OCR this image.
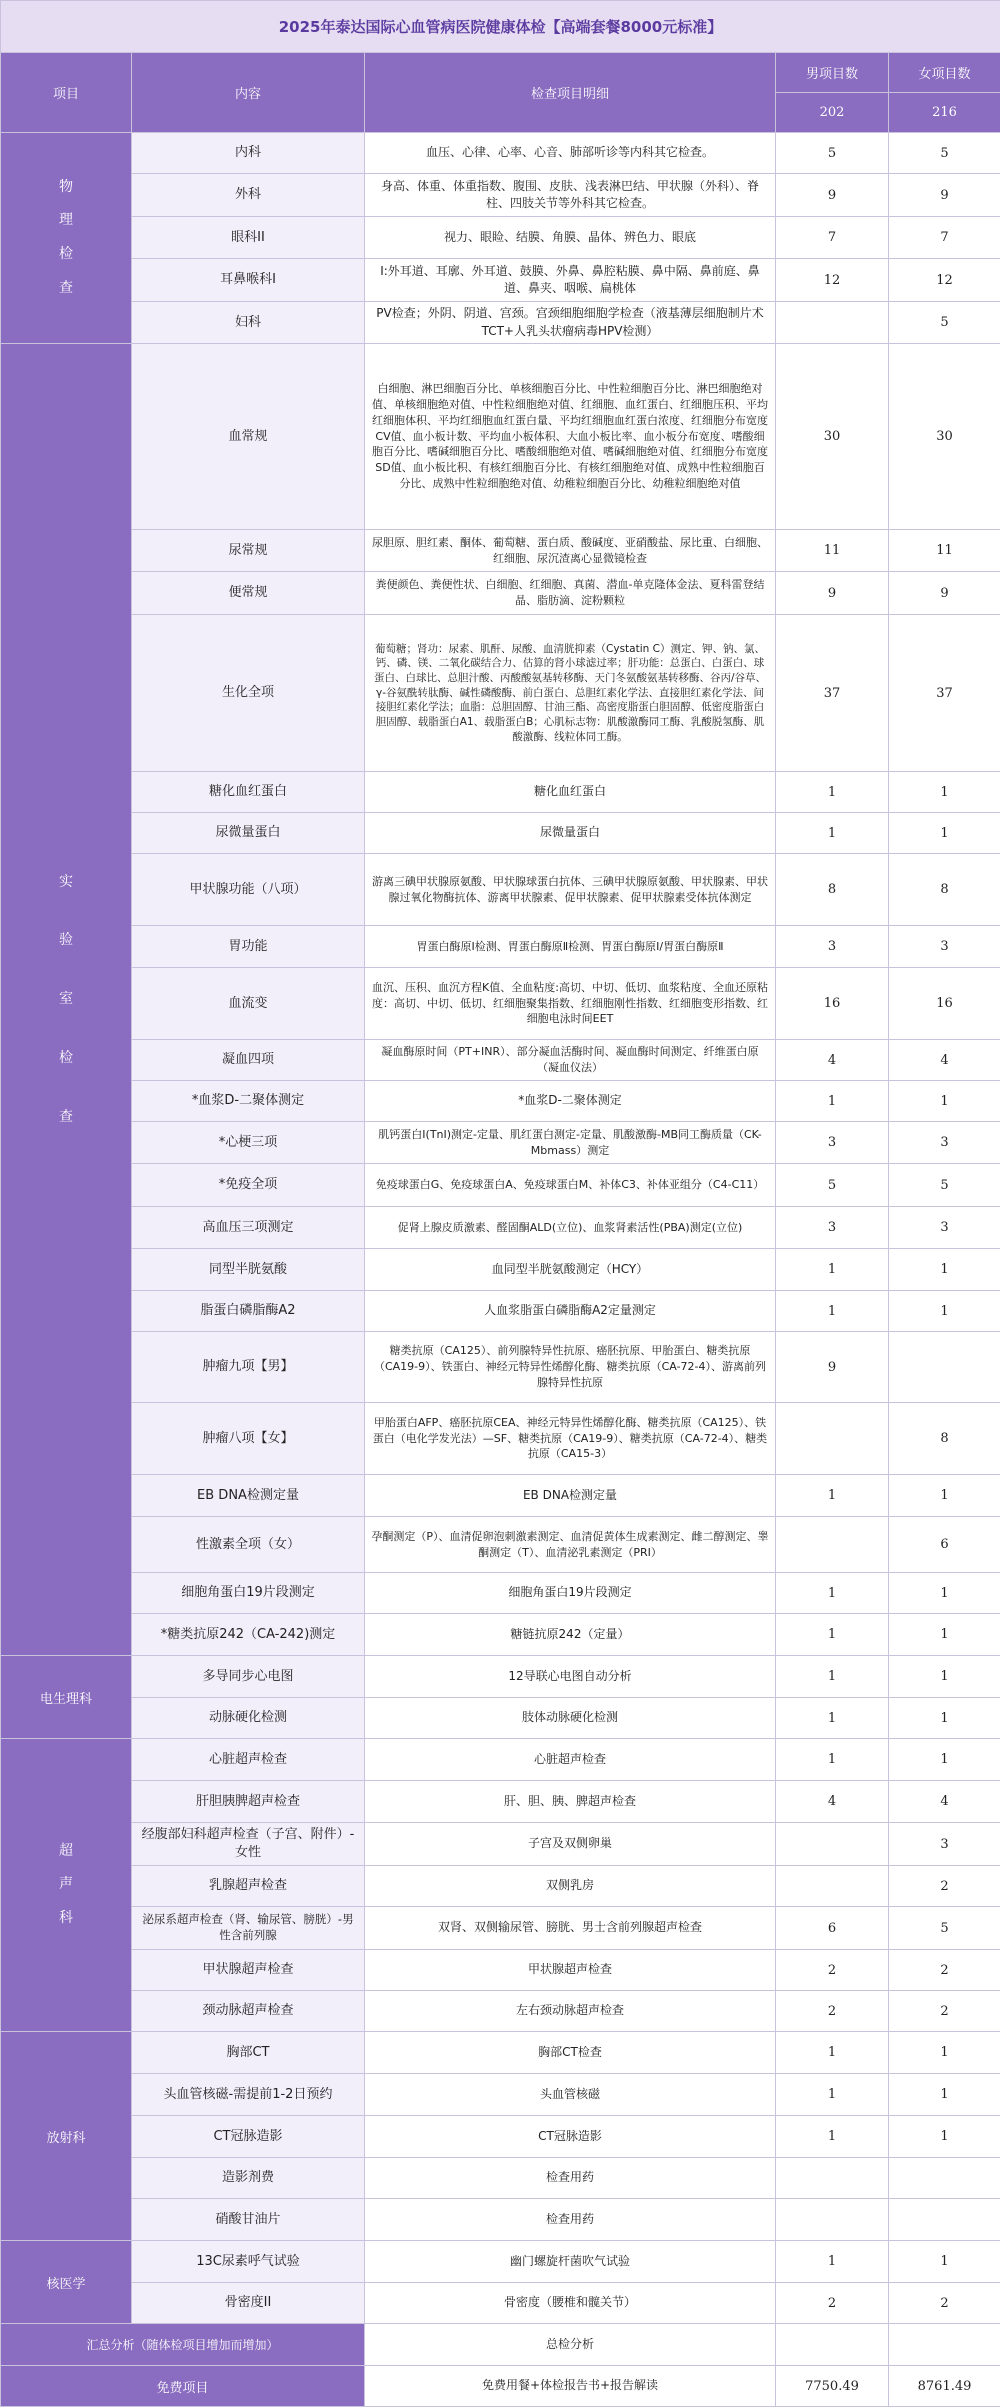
2025年泰达国际心血管病医院健康体检【高端套餐8000元标准】				
项目	内容	检查项目明细	男项目数	女项目数
			202	216
物理检查	内科	血压、心律、心率、心音、肺部听诊等内科其它检查。	5	5
	外科	身高、体重、体重指数、腹围、皮肤、浅表淋巴结、甲状腺（外科）、脊柱、四肢关节等外科其它检查。	9	9
	眼科II	视力、眼睑、结膜、角膜、晶体、辨色力、眼底	7	7
	耳鼻喉科I	I:外耳道、耳廓、外耳道、鼓膜、外鼻、鼻腔粘膜、鼻中隔、鼻前庭、鼻道、鼻夹、咽喉、扁桃体	12	12
	妇科	PV检查；外阴、阴道、宫颈。宫颈细胞细胞学检查（液基薄层细胞制片术TCT+人乳头状瘤病毒HPV检测）		5
实验室检查	血常规	白细胞、淋巴细胞百分比、单核细胞百分比、中性粒细胞百分比、淋巴细胞绝对值、单核细胞绝对值、中性粒细胞绝对值、红细胞、血红蛋白、红细胞压积、平均红细胞体积、平均红细胞血红蛋白量、平均红细胞血红蛋白浓度、红细胞分布宽度CV值、血小板计数、平均血小板体积、大血小板比率、血小板分布宽度、嗜酸细胞百分比、嗜碱细胞百分比、嗜酸细胞绝对值、嗜碱细胞绝对值、红细胞分布宽度SD值、血小板比积、有核红细胞百分比、有核红细胞绝对值、成熟中性粒细胞百分比、成熟中性粒细胞绝对值、幼稚粒细胞百分比、幼稚粒细胞绝对值	30	30
	尿常规	尿胆原、胆红素、酮体、葡萄糖、蛋白质、酸碱度、亚硝酸盐、尿比重、白细胞、红细胞、尿沉渣离心显微镜检查	11	11
	便常规	粪便颜色、粪便性状、白细胞、红细胞、真菌、潜血-单克隆体金法、夏科雷登结晶、脂肪滴、淀粉颗粒	9	9
	生化全项	葡萄糖；肾功：尿素、肌酐、尿酸、血清胱抑素（Cystatin C）测定、钾、钠、氯、钙、磷、镁、二氧化碳结合力、估算的肾小球滤过率；肝功能：总蛋白、白蛋白、球蛋白、白球比、总胆汁酸、丙酸酸氨基转移酶、天门冬氨酸氨基转移酶、谷丙/谷草、γ-谷氨酰转肽酶、碱性磷酸酶、前白蛋白、总胆红素化学法、直接胆红素化学法、间接胆红素化学法；血脂：总胆固醇、甘油三酯、高密度脂蛋白胆固醇、低密度脂蛋白胆固醇、载脂蛋白A1、载脂蛋白B；心肌标志物：肌酸激酶同工酶、乳酸脱氢酶、肌酸激酶、线粒体同工酶。	37	37
	糖化血红蛋白	糖化血红蛋白	1	1
	尿微量蛋白	尿微量蛋白	1	1
	甲状腺功能（八项）	游离三碘甲状腺原氨酸、甲状腺球蛋白抗体、三碘甲状腺原氨酸、甲状腺素、甲状腺过氧化物酶抗体、游离甲状腺素、促甲状腺素、促甲状腺素受体抗体测定	8	8
	胃功能	胃蛋白酶原Ⅰ检测、胃蛋白酶原Ⅱ检测、胃蛋白酶原Ⅰ/胃蛋白酶原Ⅱ	3	3
	血流变	血沉、压积、血沉方程K值、全血粘度:高切、中切、低切、血浆粘度、全血还原粘度：高切、中切、低切、红细胞聚集指数、红细胞刚性指数、红细胞变形指数、红细胞电泳时间EET	16	16
	凝血四项	凝血酶原时间（PT+INR）、部分凝血活酶时间、凝血酶时间测定、纤维蛋白原（凝血仪法）	4	4
	*血浆D-二聚体测定	*血浆D-二聚体测定	1	1
	*心梗三项	肌钙蛋白I(TnI)测定-定量、肌红蛋白测定-定量、肌酸激酶-MB同工酶质量（CK-Mbmass）测定	3	3
	*免疫全项	免疫球蛋白G、免疫球蛋白A、免疫球蛋白M、补体C3、补体亚组分（C4-C11）	5	5
	高血压三项测定	促肾上腺皮质激素、醛固酮ALD(立位)、血浆肾素活性(PBA)测定(立位)	3	3
	同型半胱氨酸	血同型半胱氨酸测定（HCY）	1	1
	脂蛋白磷脂酶A2	人血浆脂蛋白磷脂酶A2定量测定	1	1
	肿瘤九项【男】	糖类抗原（CA125）、前列腺特异性抗原、癌胚抗原、甲胎蛋白、糖类抗原（CA19-9）、铁蛋白、神经元特异性烯醇化酶、糖类抗原（CA-72-4）、游离前列腺特异性抗原	9	
	肿瘤八项【女】	甲胎蛋白AFP、癌胚抗原CEA、神经元特异性烯醇化酶、糖类抗原（CA125）、铁蛋白（电化学发光法）—SF、糖类抗原（CA19-9）、糖类抗原（CA-72-4）、糖类抗原（CA15-3）		8
	EB DNA检测定量	EB DNA检测定量	1	1
	性激素全项（女）	孕酮测定（P）、血清促卵泡刺激素测定、血清促黄体生成素测定、雌二醇测定、睾酮测定（T）、血清泌乳素测定（PRI）		6
	细胞角蛋白19片段测定	细胞角蛋白19片段测定	1	1
	*糖类抗原242（CA-242)测定	糖链抗原242（定量）	1	1
电生理科	多导同步心电图	12导联心电图自动分析	1	1
	动脉硬化检测	肢体动脉硬化检测	1	1
超声科	心脏超声检查	心脏超声检查	1	1
	肝胆胰脾超声检查	肝、胆、胰、脾超声检查	4	4
	经腹部妇科超声检查（子宫、附件）-女性	子宫及双侧卵巢		3
	乳腺超声检查	双侧乳房		2
	泌尿系超声检查（肾、输尿管、膀胱）-男性含前列腺	双肾、双侧输尿管、膀胱、男士含前列腺超声检查	6	5
	甲状腺超声检查	甲状腺超声检查	2	2
	颈动脉超声检查	左右颈动脉超声检查	2	2
放射科	胸部CT	胸部CT检查	1	1
	头血管核磁-需提前1-2日预约	头血管核磁	1	1
	CT冠脉造影	CT冠脉造影	1	1
	造影剂费	检查用药		
	硝酸甘油片	检查用药		
核医学	13C尿素呼气试验	幽门螺旋杆菌吹气试验	1	1
	骨密度II	骨密度（腰椎和髋关节）	2	2
汇总分析（随体检项目增加而增加）		总检分析		
免费项目		免费用餐+体检报告书+报告解读	7750.49	8761.49
